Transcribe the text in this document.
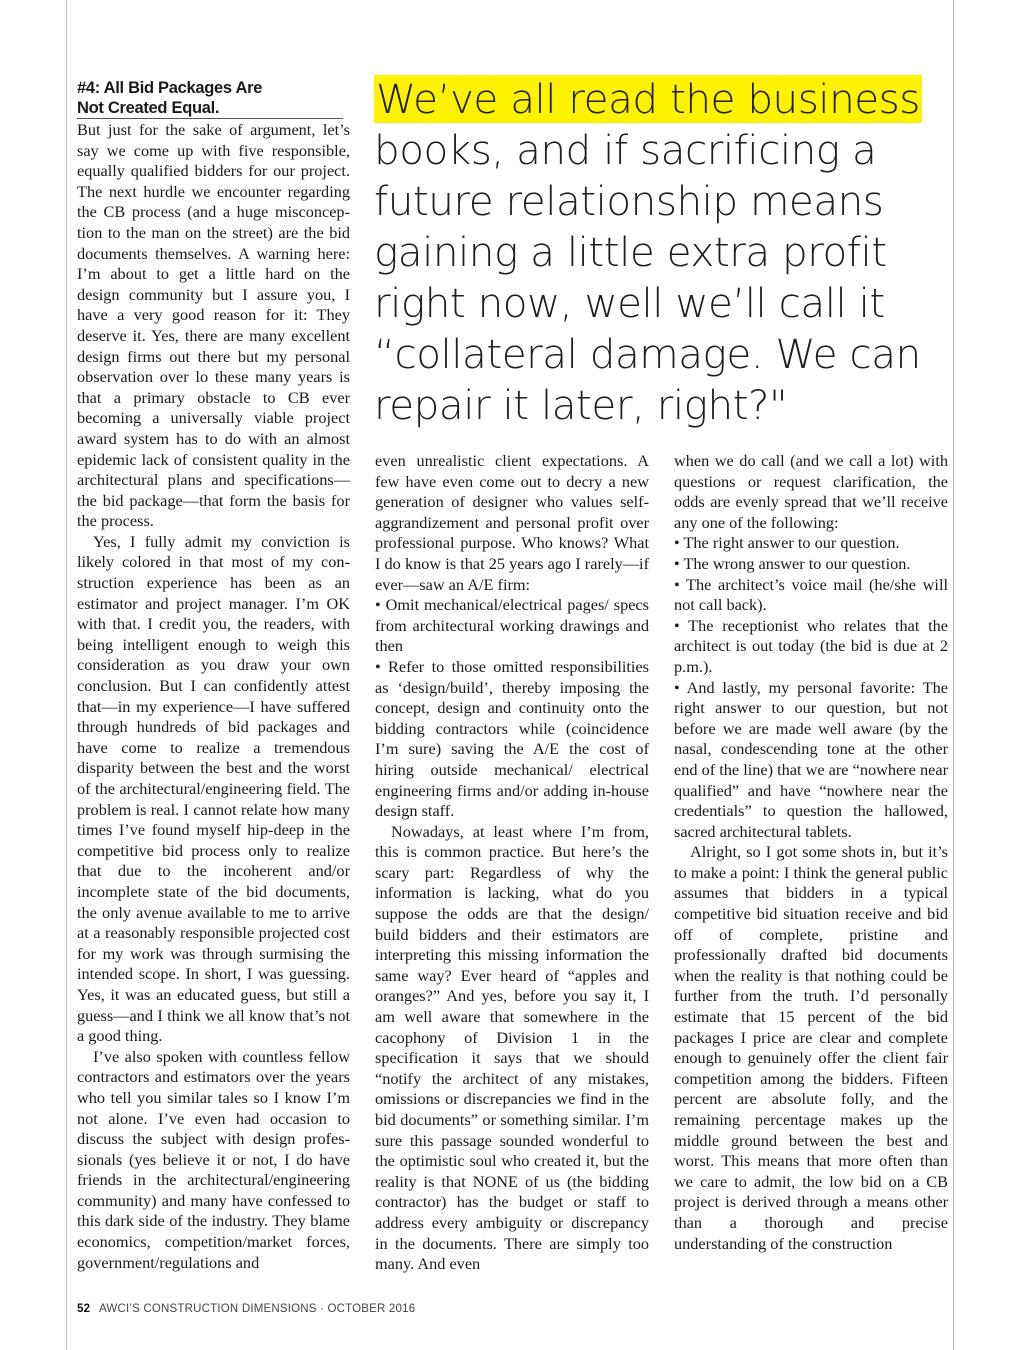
#4: All Bid Packages Are
Not Created Equal.

But just for the sake of argument, let’s say we come up with five responsible, equally qualified bidders for our project. The next hurdle we encounter regarding the CB process (and a huge misconception to the man on the street) are the bid documents themselves. A warning here: I’m about to get a little hard on the design community but I assure you, I have a very good reason for it: They deserve it. Yes, there are many excellent design firms out there but my personal observation over lo these many years is that a primary obstacle to CB ever becoming a universally viable project award system has to do with an almost epidemic lack of consistent quality in the architectural plans and specifications—the bid package—that form the basis for the process.

Yes, I fully admit my conviction is likely colored in that most of my construction experience has been as an estimator and project manager. I’m OK with that. I credit you, the readers, with being intelligent enough to weigh this consideration as you draw your own conclusion. But I can confidently attest that—in my experience—I have suffered through hundreds of bid packages and have come to realize a tremendous disparity between the best and the worst of the architectural/engineering field. The problem is real. I cannot relate how many times I’ve found myself hip-deep in the competitive bid process only to realize that due to the incoherent and/or incomplete state of the bid documents, the only avenue available to me to arrive at a reasonably responsible projected cost for my work was through surmising the intended scope. In short, I was guessing. Yes, it was an educated guess, but still a guess—and I think we all know that’s not a good thing.

I’ve also spoken with countless fellow contractors and estimators over the years who tell you similar tales so I know I’m not alone. I’ve even had occasion to discuss the subject with design professionals (yes believe it or not, I do have friends in the architectural/engineering community) and many have confessed to this dark side of the industry. They blame economics, competition/market forces, government/regulations and

We’ve all read the business
books, and if sacrificing a
future relationship means
gaining a little extra profit
right now, well we’ll call it
“collateral damage. We can
repair it later, right?"

even unrealistic client expectations. A few have even come out to decry a new generation of designer who values self-aggrandizement and personal profit over professional purpose. Who knows? What I do know is that 25 years ago I rarely—if ever—saw an A/E firm:

• Omit mechanical/electrical pages/ specs from architectural working drawings and then

• Refer to those omitted responsibilities as ‘design/build’, thereby imposing the concept, design and continuity onto the bidding contractors while (coincidence I’m sure) saving the A/E the cost of hiring outside mechanical/ electrical engineering firms and/or adding in-house design staff.

Nowadays, at least where I’m from, this is common practice. But here’s the scary part: Regardless of why the information is lacking, what do you suppose the odds are that the design/ build bidders and their estimators are interpreting this missing information the same way? Ever heard of “apples and oranges?” And yes, before you say it, I am well aware that somewhere in the cacophony of Division 1 in the specification it says that we should “notify the architect of any mistakes, omissions or discrepancies we find in the bid documents” or something similar. I’m sure this passage sounded wonderful to the optimistic soul who created it, but the reality is that NONE of us (the bidding contractor) has the budget or staff to address every ambiguity or discrepancy in the documents. There are simply too many. And even

when we do call (and we call a lot) with questions or request clarification, the odds are evenly spread that we’ll receive any one of the following:

• The right answer to our question.

• The wrong answer to our question.

• The architect’s voice mail (he/she will not call back).

• The receptionist who relates that the architect is out today (the bid is due at 2 p.m.).

• And lastly, my personal favorite: The right answer to our question, but not before we are made well aware (by the nasal, condescending tone at the other end of the line) that we are “nowhere near qualified” and have “nowhere near the credentials” to question the hallowed, sacred architectural tablets.

Alright, so I got some shots in, but it’s to make a point: I think the general public assumes that bidders in a typical competitive bid situation receive and bid off of complete, pristine and professionally drafted bid documents when the reality is that nothing could be further from the truth. I’d personally estimate that 15 percent of the bid packages I price are clear and complete enough to genuinely offer the client fair competition among the bidders. Fifteen percent are absolute folly, and the remaining percentage makes up the middle ground between the best and worst. This means that more often than we care to admit, the low bid on a CB project is derived through a means other than a thorough and precise understanding of the construction

52 AWCI’S CONSTRUCTION DIMENSIONS · OCTOBER 2016
